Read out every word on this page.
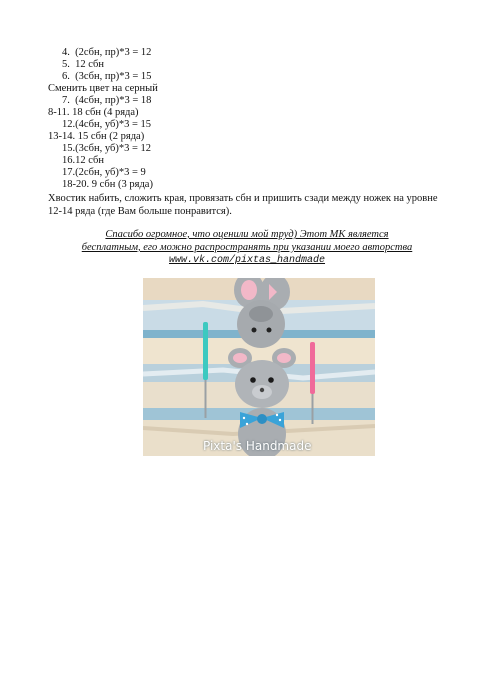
4. (2сбн, пр)*3 = 12
5. 12 сбн
6. (3сбн, пр)*3 = 15
Сменить цвет на серный
7. (4сбн, пр)*3 = 18
8-11. 18 сбн (4 ряда)
12.(4сбн, уб)*3 = 15
13-14. 15 сбн (2 ряда)
15.(3сбн, уб)*3 = 12
16.12 сбн
17.(2сбн, уб)*3 = 9
18-20. 9 сбн (3 ряда)
Хвостик набить, сложить края, провязать сбн и пришить сзади между ножек на уровне 12-14 ряда (где Вам больше понравится).
Спасибо огромное, что оценили мой труд) Этот МК является
бесплатным, его можно распространять при указании моего авторства
www.vk.com/pixtas_handmade
Pixta's Handmade
